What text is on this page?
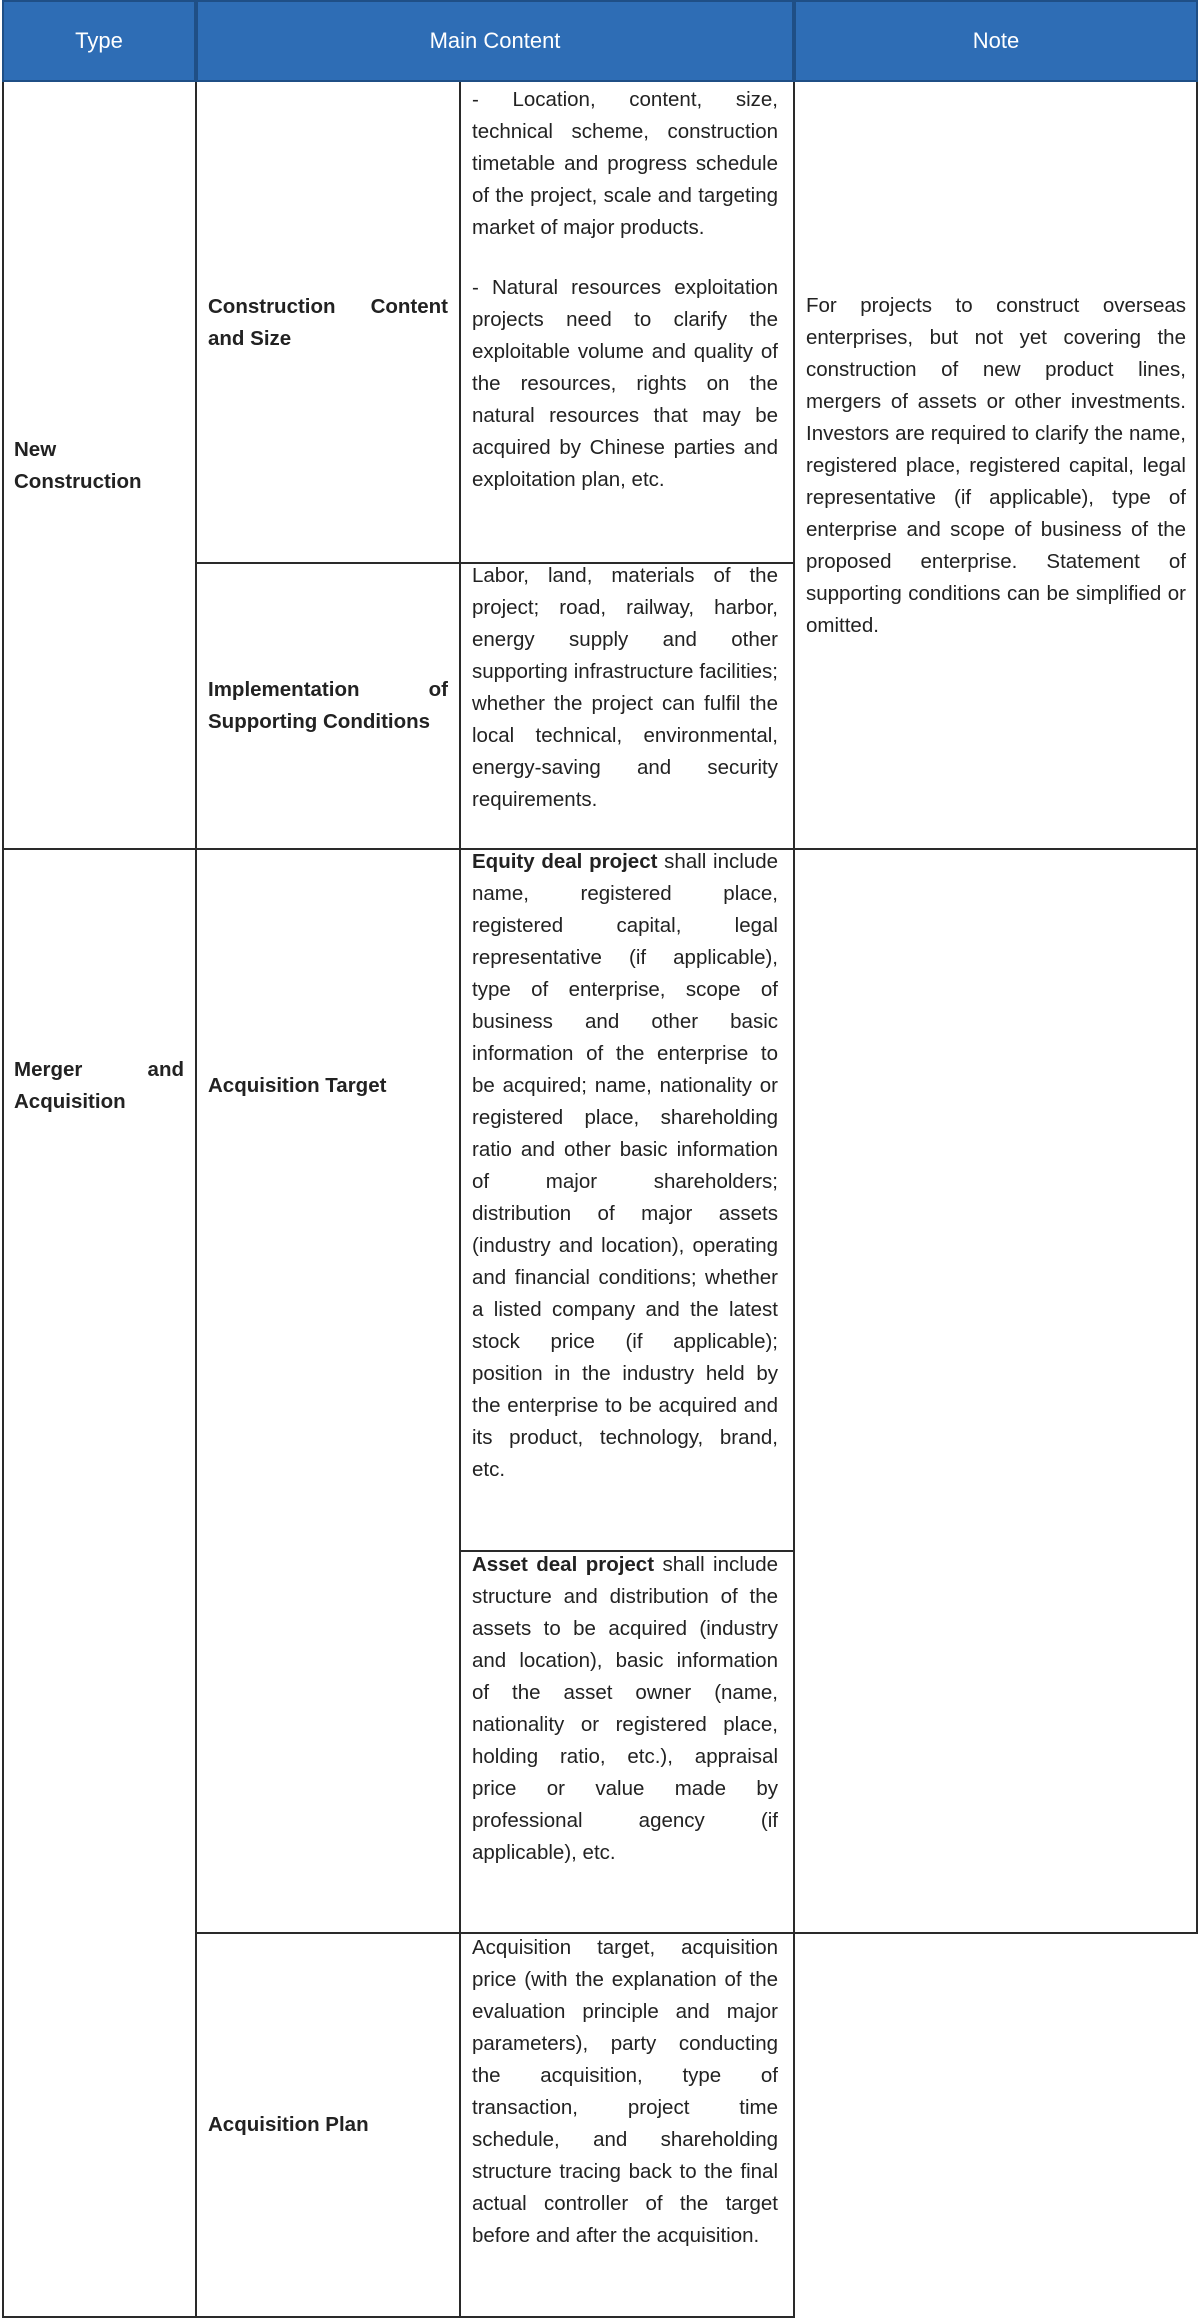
Type	Main Content	Note
New Construction
Construction Content and Size

- Location, content, size, technical scheme, construction timetable and progress schedule of the project, scale and targeting market of major products.

- Natural resources exploitation projects need to clarify the exploitable volume and quality of the resources, rights on the natural resources that may be acquired by Chinese parties and exploitation plan, etc.

Implementation of Supporting Conditions

Labor, land, materials of the project; road, railway, harbor, energy supply and other supporting infrastructure facilities; whether the project can fulfil the local technical, environmental, energy-saving and security requirements.

For projects to construct overseas enterprises, but not yet covering the construction of new product lines, mergers of assets or other investments. Investors are required to clarify the name, registered place, registered capital, legal representative (if applicable), type of enterprise and scope of business of the proposed enterprise. Statement of supporting conditions can be simplified or omitted.

Merger and Acquisition
Acquisition Target

Equity deal project shall include name, registered place, registered capital, legal representative (if applicable), type of enterprise, scope of business and other basic information of the enterprise to be acquired; name, nationality or registered place, shareholding ratio and other basic information of major shareholders; distribution of major assets (industry and location), operating and financial conditions; whether a listed company and the latest stock price (if applicable); position in the industry held by the enterprise to be acquired and its product, technology, brand, etc.

Asset deal project shall include structure and distribution of the assets to be acquired (industry and location), basic information of the asset owner (name, nationality or registered place, holding ratio, etc.), appraisal price or value made by professional agency (if applicable), etc.

Acquisition Plan

Acquisition target, acquisition price (with the explanation of the evaluation principle and major parameters), party conducting the acquisition, type of transaction, project time schedule, and shareholding structure tracing back to the final actual controller of the target before and after the acquisition.
